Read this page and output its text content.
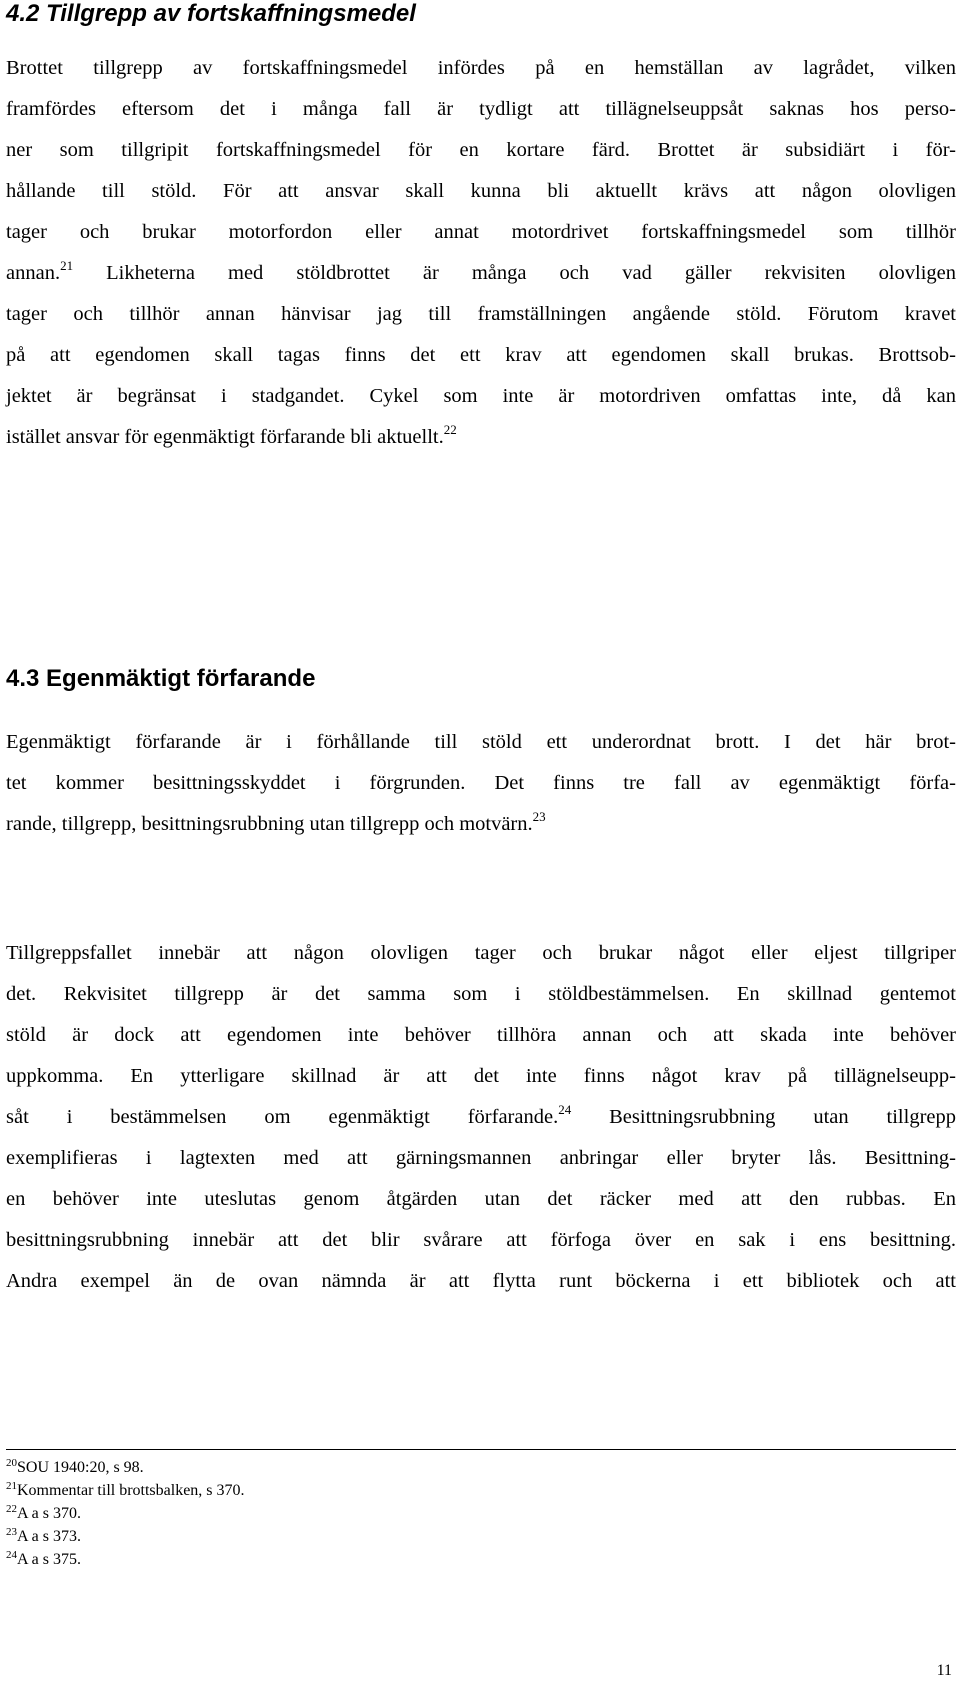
4.2 Tillgrepp av fortskaffningsmedel
Brottet tillgrepp av fortskaffningsmedel infördes på en hemställan av lagrådet, vilken
framfördes eftersom det i många fall är tydligt att tillägnelseuppsåt saknas hos perso-
ner som tillgripit fortskaffningsmedel för en kortare färd. Brottet är subsidiärt i för-
hållande till stöld. För att ansvar skall kunna bli aktuellt krävs att någon olovligen
tager och brukar motorfordon eller annat motordrivet fortskaffningsmedel som tillhör
annan.$^{21}$ Likheterna med stöldbrottet är många och vad gäller rekvisiten olovligen
tager och tillhör annan hänvisar jag till framställningen angående stöld. Förutom kravet
på att egendomen skall tagas finns det ett krav att egendomen skall brukas. Brottsob-
jektet är begränsat i stadgandet. Cykel som inte är motordriven omfattas inte, då kan
istället ansvar för egenmäktigt förfarande bli aktuellt.$^{22}$
4.3 Egenmäktigt förfarande
Egenmäktigt förfarande är i förhållande till stöld ett underordnat brott. I det här brot-
tet kommer besittningsskyddet i förgrunden. Det finns tre fall av egenmäktigt förfa-
rande, tillgrepp, besittningsrubbning utan tillgrepp och motvärn.$^{23}$
Tillgreppsfallet innebär att någon olovligen tager och brukar något eller eljest tillgriper
det. Rekvisitet tillgrepp är det samma som i stöldbestämmelsen. En skillnad gentemot
stöld är dock att egendomen inte behöver tillhöra annan och att skada inte behöver
uppkomma. En ytterligare skillnad är att det inte finns något krav på tillägnelseupp-
såt i bestämmelsen om egenmäktigt förfarande.$^{24}$ Besittningsrubbning utan tillgrepp
exemplifieras i lagtexten med att gärningsmannen anbringar eller bryter lås. Besittning-
en behöver inte uteslutas genom åtgärden utan det räcker med att den rubbas. En
besittningsrubbning innebär att det blir svårare att förfoga över en sak i ens besittning.
Andra exempel än de ovan nämnda är att flytta runt böckerna i ett bibliotek och att
$^{20}$SOU 1940:20, s 98.
$^{21}$Kommentar till brottsbalken, s 370.
$^{22}$A a s 370.
$^{23}$A a s 373.
$^{24}$A a s 375.
11
